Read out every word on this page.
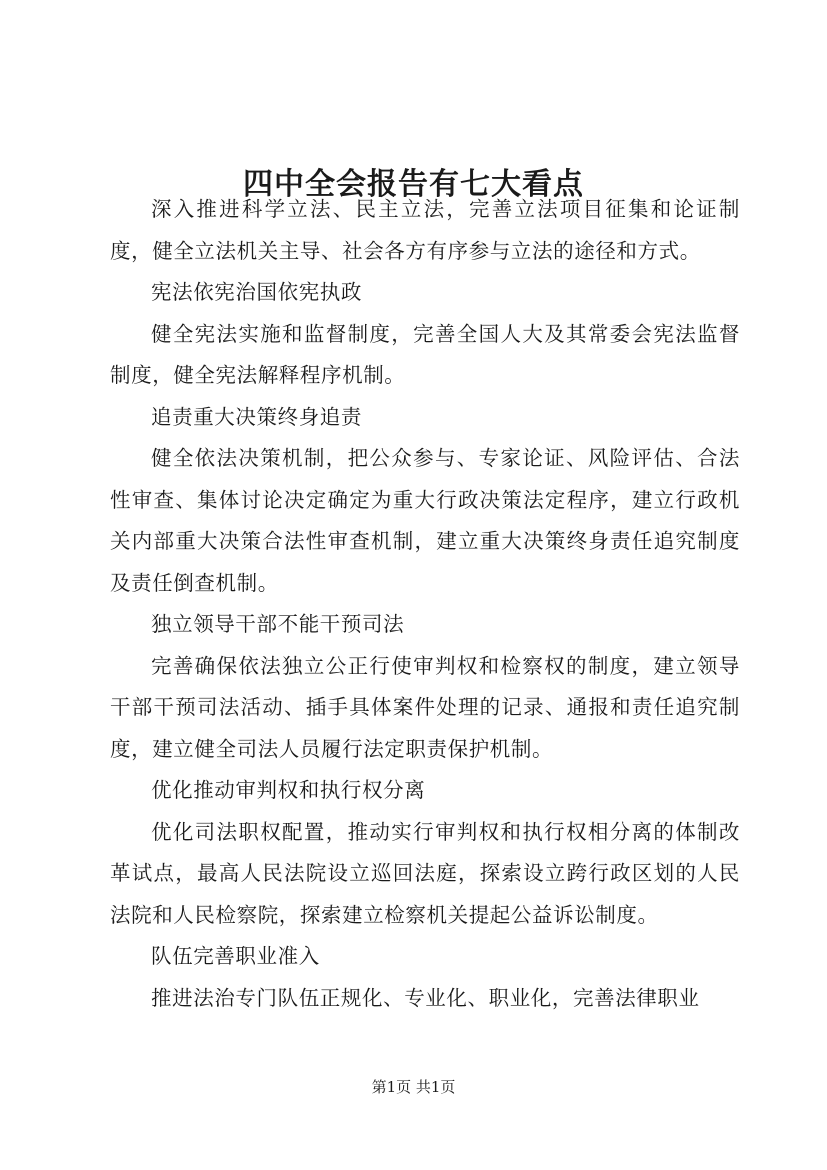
四中全会报告有七大看点

深入推进科学立法、民主立法，完善立法项目征集和论证制度，健全立法机关主导、社会各方有序参与立法的途径和方式。

宪法依宪治国依宪执政

健全宪法实施和监督制度，完善全国人大及其常委会宪法监督制度，健全宪法解释程序机制。

追责重大决策终身追责

健全依法决策机制，把公众参与、专家论证、风险评估、合法性审查、集体讨论决定确定为重大行政决策法定程序，建立行政机关内部重大决策合法性审查机制，建立重大决策终身责任追究制度及责任倒查机制。

独立领导干部不能干预司法

完善确保依法独立公正行使审判权和检察权的制度，建立领导干部干预司法活动、插手具体案件处理的记录、通报和责任追究制度，建立健全司法人员履行法定职责保护机制。

优化推动审判权和执行权分离

优化司法职权配置，推动实行审判权和执行权相分离的体制改革试点，最高人民法院设立巡回法庭，探索设立跨行政区划的人民法院和人民检察院，探索建立检察机关提起公益诉讼制度。

队伍完善职业准入

推进法治专门队伍正规化、专业化、职业化，完善法律职业

第1页 共1页
